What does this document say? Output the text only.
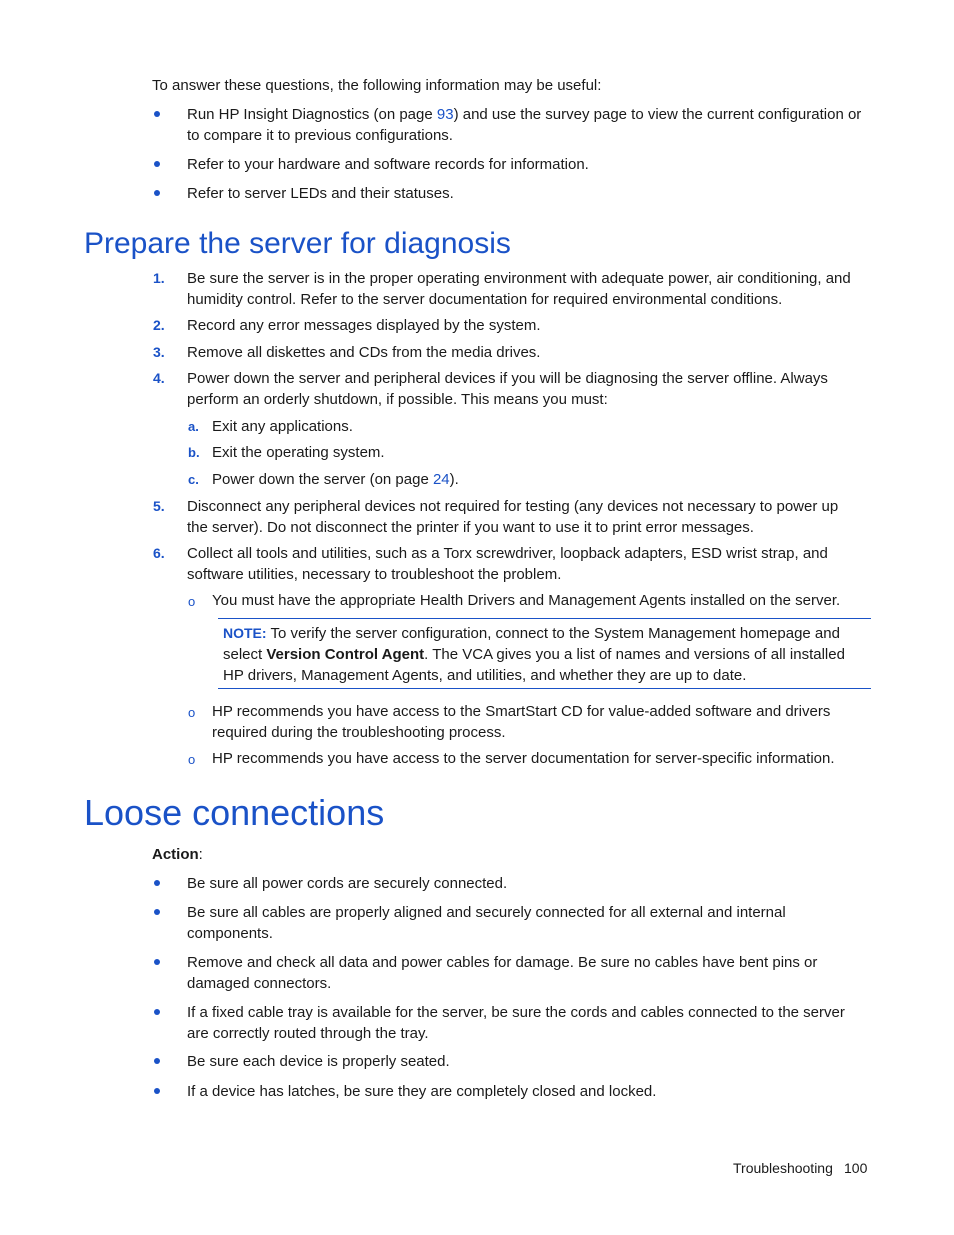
To answer these questions, the following information may be useful:
Run HP Insight Diagnostics (on page 93) and use the survey page to view the current configuration or to compare it to previous configurations.
Refer to your hardware and software records for information.
Refer to server LEDs and their statuses.
Prepare the server for diagnosis
1. Be sure the server is in the proper operating environment with adequate power, air conditioning, and humidity control. Refer to the server documentation for required environmental conditions.
2. Record any error messages displayed by the system.
3. Remove all diskettes and CDs from the media drives.
4. Power down the server and peripheral devices if you will be diagnosing the server offline. Always perform an orderly shutdown, if possible. This means you must:
a. Exit any applications.
b. Exit the operating system.
c. Power down the server (on page 24).
5. Disconnect any peripheral devices not required for testing (any devices not necessary to power up the server). Do not disconnect the printer if you want to use it to print error messages.
6. Collect all tools and utilities, such as a Torx screwdriver, loopback adapters, ESD wrist strap, and software utilities, necessary to troubleshoot the problem.
o You must have the appropriate Health Drivers and Management Agents installed on the server.
NOTE: To verify the server configuration, connect to the System Management homepage and select Version Control Agent. The VCA gives you a list of names and versions of all installed HP drivers, Management Agents, and utilities, and whether they are up to date.
o HP recommends you have access to the SmartStart CD for value-added software and drivers required during the troubleshooting process.
o HP recommends you have access to the server documentation for server-specific information.
Loose connections
Action:
Be sure all power cords are securely connected.
Be sure all cables are properly aligned and securely connected for all external and internal components.
Remove and check all data and power cables for damage. Be sure no cables have bent pins or damaged connectors.
If a fixed cable tray is available for the server, be sure the cords and cables connected to the server are correctly routed through the tray.
Be sure each device is properly seated.
If a device has latches, be sure they are completely closed and locked.
Troubleshooting 100
